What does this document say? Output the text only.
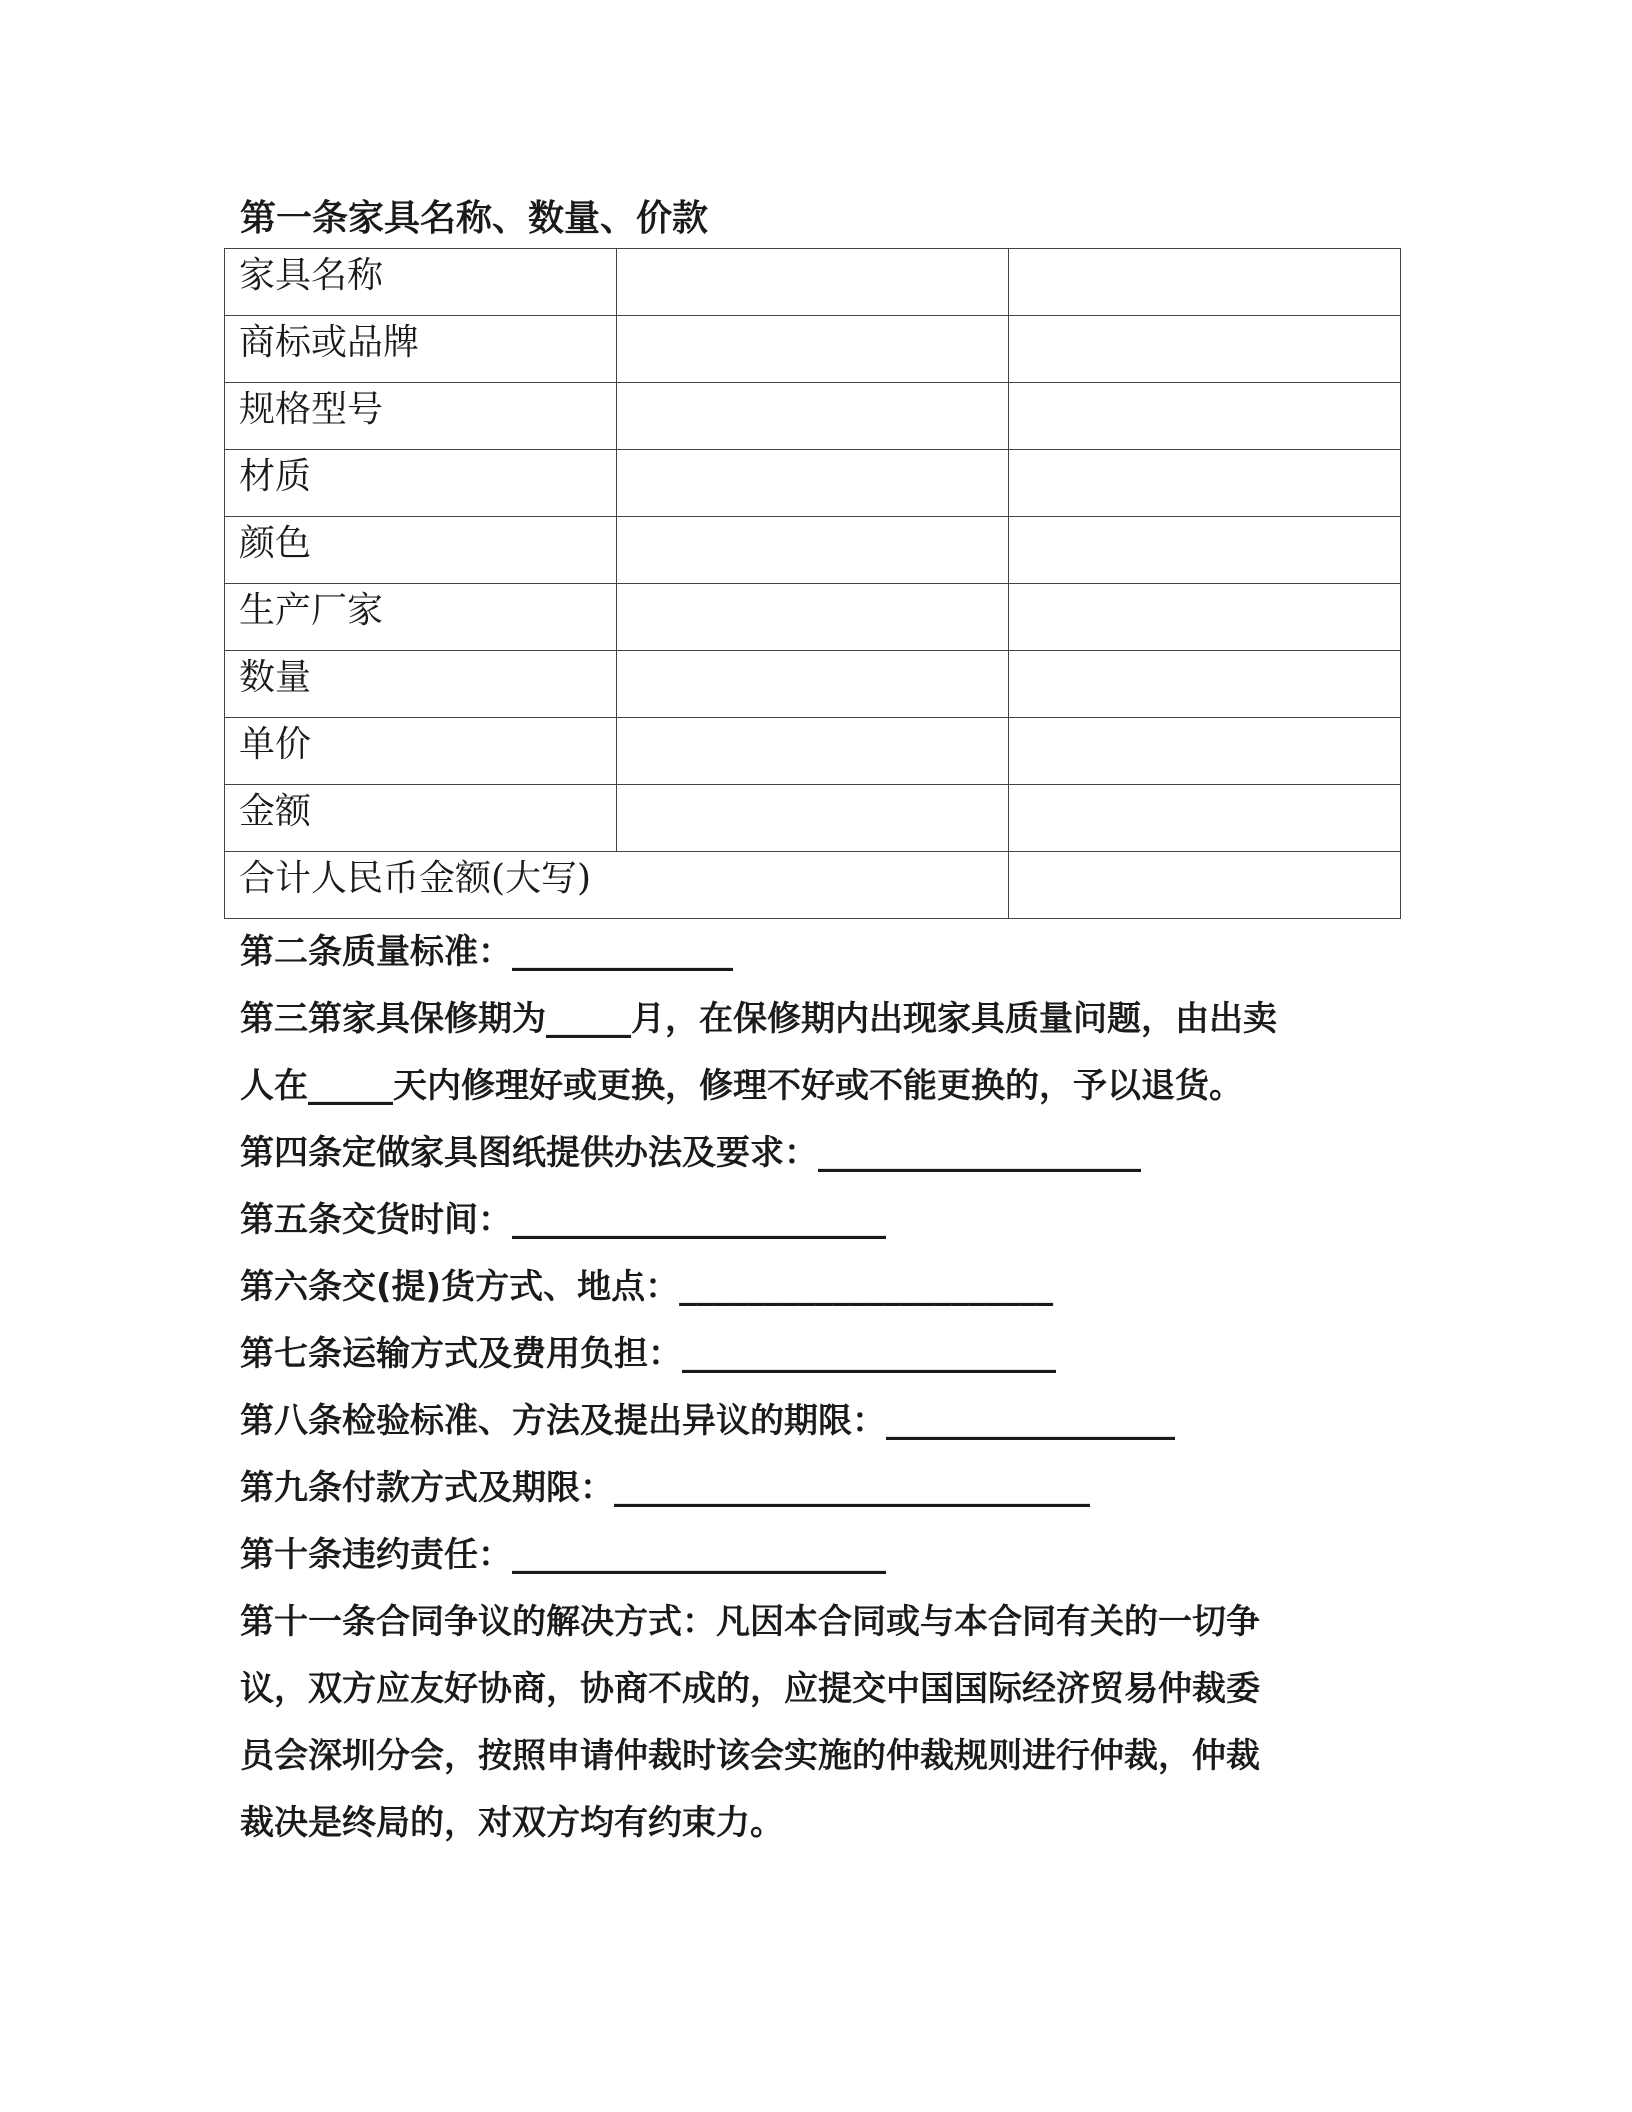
第一条家具名称、数量、价款

家具名称		
商标或品牌		
规格型号		
材质		
颜色		
生产厂家		
数量		
单价		
金额		
合计人民币金额(大写)		

第二条质量标准：_____________

第三第家具保修期为_____月，在保修期内出现家具质量问题，由出卖

人在_____天内修理好或更换，修理不好或不能更换的，予以退货。

第四条定做家具图纸提供办法及要求：___________________

第五条交货时间：______________________

第六条交(提)货方式、地点：______________________

第七条运输方式及费用负担：______________________

第八条检验标准、方法及提出异议的期限：_________________

第九条付款方式及期限：____________________________

第十条违约责任：______________________

第十一条合同争议的解决方式：凡因本合同或与本合同有关的一切争

议，双方应友好协商，协商不成的，应提交中国国际经济贸易仲裁委

员会深圳分会，按照申请仲裁时该会实施的仲裁规则进行仲裁，仲裁

裁决是终局的，对双方均有约束力。
